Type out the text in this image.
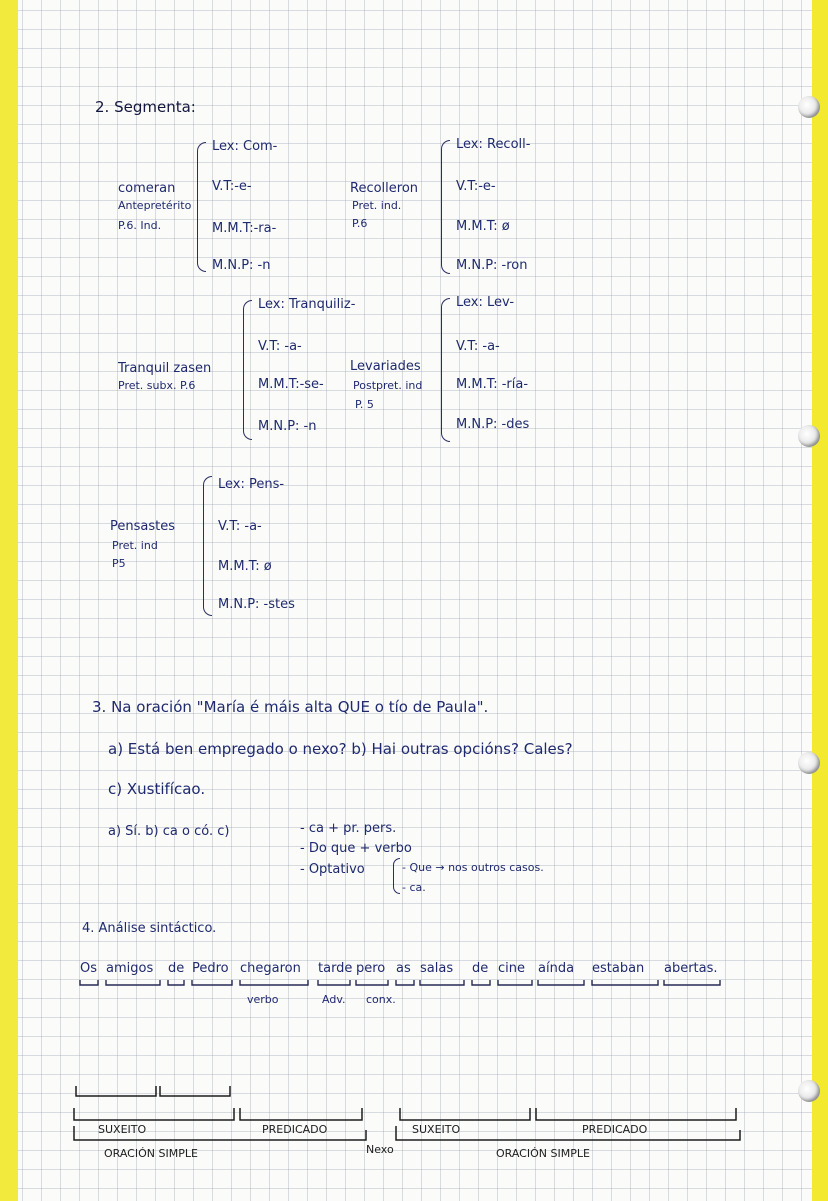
2. Segmenta:
comeran
Antepretérito
P.6. Ind.
Lex: Com-
V.T:-e-
M.M.T:-ra-
M.N.P: -n
Recolleron
Pret. ind.
P.6
Lex: Recoll-
V.T:-e-
M.M.T: ø
M.N.P: -ron
Tranquil zasen
Pret. subx. P.6
Lex: Tranquiliz-
V.T: -a-
M.M.T:-se-
M.N.P: -n
Levariades
Postpret. ind
P. 5
Lex: Lev-
V.T: -a-
M.M.T: -ría-
M.N.P: -des
Pensastes
Pret. ind
P5
Lex: Pens-
V.T: -a-
M.M.T: ø
M.N.P: -stes
3. Na oración "María é máis alta QUE o tío de Paula".
a) Está ben empregado o nexo? b) Hai outras opcións? Cales?
c) Xustifícao.
a) Sí. b) ca o có. c)	- ca + pr. pers.
- Do que + verbo
- Optativo	- Que → nos outros casos.
- ca.
4. Análise sintáctico.
Os amigos de Pedro chegaron tarde pero as salas de cine aínda estaban abertas.
verbo	Adv. conx.
SUXEITO	PREDICADO
Nexo
SUXEITO	PREDICADO
ORACIÓN SIMPLE	ORACIÓN SIMPLE
